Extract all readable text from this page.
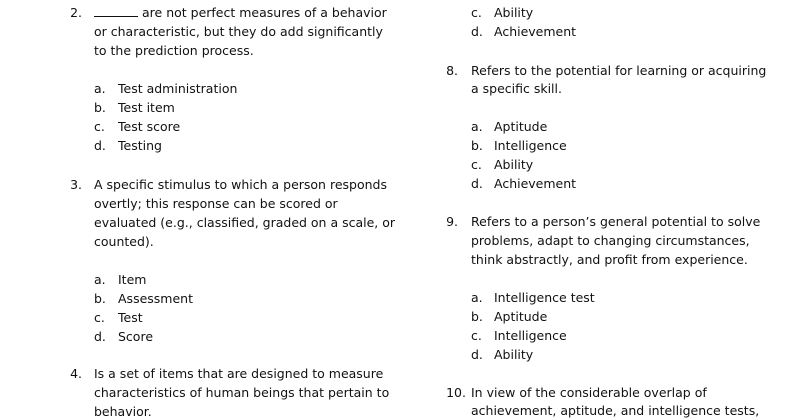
2.	are not perfect measures of a behavior
or characteristic, but they do add significantly
to the prediction process.
a. Test administration
b. Test item
c. Test score
d. Testing
3. A specific stimulus to which a person responds
overtly; this response can be scored or
evaluated (e.g., classified, graded on a scale, or
counted).
a. Item
b. Assessment
c. Test
d. Score
4. Is a set of items that are designed to measure
characteristics of human beings that pertain to
behavior.
c. Ability
d. Achievement
8. Refers to the potential for learning or acquiring
a specific skill.
a. Aptitude
b. Intelligence
c. Ability
d. Achievement
9. Refers to a person’s general potential to solve
problems, adapt to changing circumstances,
think abstractly, and profit from experience.
a. Intelligence test
b. Aptitude
c. Intelligence
d. Ability
10. In view of the considerable overlap of
achievement, aptitude, and intelligence tests,
